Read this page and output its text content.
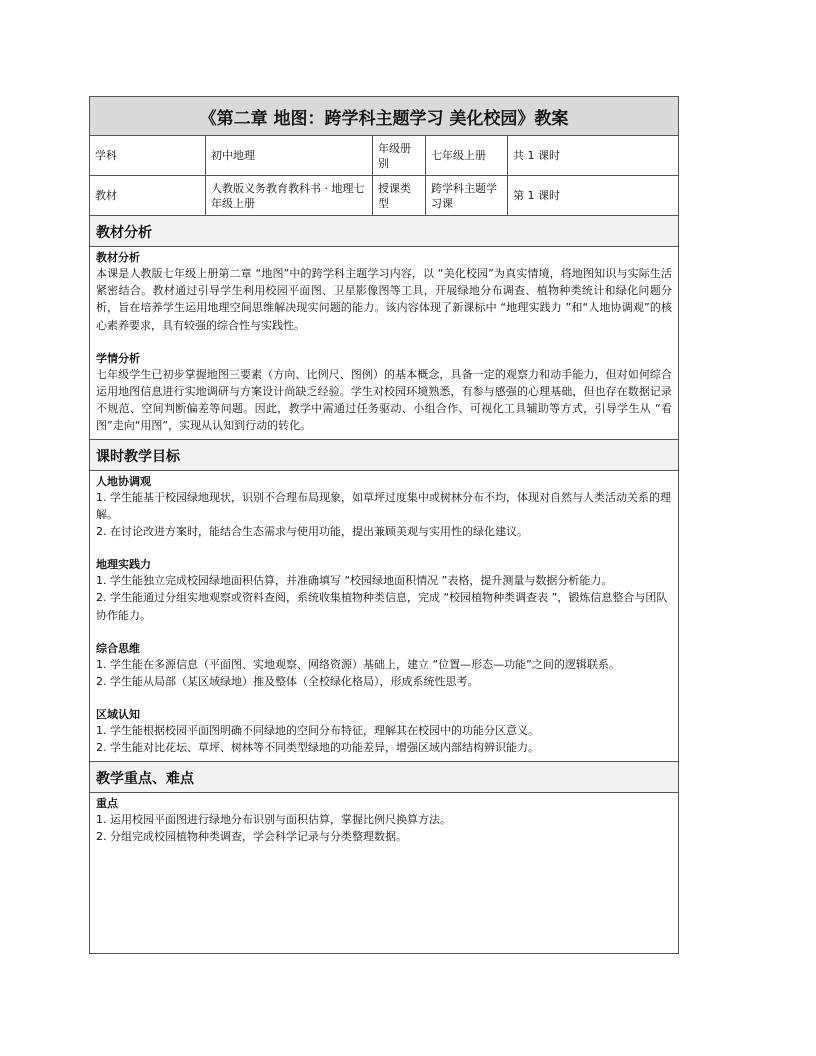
《第二章 地图：跨学科主题学习 美化校园》教案
学科	初中地理
年级册别
七年级上册	共 1 课时
教材
人教版义务教育教科书 · 地理七年级上册
授课类型
跨学科主题学习课
第 1 课时
教材分析
教材分析
本课是人教版七年级上册第二章 “地图”中的跨学科主题学习内容，以 “美化校园”为真实情境，将地图知识与实际生活紧密结合。教材通过引导学生利用校园平面图、卫星影像图等工具，开展绿地分布调查、植物种类统计和绿化问题分析，旨在培养学生运用地理空间思维解决现实问题的能力。该内容体现了新课标中 “地理实践力 ”和“人地协调观”的核心素养要求，具有较强的综合性与实践性。
学情分析
七年级学生已初步掌握地图三要素（方向、比例尺、图例）的基本概念，具备一定的观察力和动手能力，但对如何综合运用地图信息进行实地调研与方案设计尚缺乏经验。学生对校园环境熟悉，有参与感强的心理基础，但也存在数据记录不规范、空间判断偏差等问题。因此，教学中需通过任务驱动、小组合作、可视化工具辅助等方式，引导学生从 “看图”走向“用图”，实现从认知到行动的转化。
课时教学目标
人地协调观
1. 学生能基于校园绿地现状，识别不合理布局现象，如草坪过度集中或树林分布不均，体现对自然与人类活动关系的理解。
2. 在讨论改进方案时，能结合生态需求与使用功能，提出兼顾美观与实用性的绿化建议。
地理实践力
1. 学生能独立完成校园绿地面积估算，并准确填写 “校园绿地面积情况 ”表格，提升测量与数据分析能力。
2. 学生能通过分组实地观察或资料查阅，系统收集植物种类信息，完成 “校园植物种类调查表 ”，锻炼信息整合与团队协作能力。
综合思维
1. 学生能在多源信息（平面图、实地观察、网络资源）基础上，建立 “位置—形态—功能”之间的逻辑联系。
2. 学生能从局部（某区域绿地）推及整体（全校绿化格局），形成系统性思考。
区域认知
1. 学生能根据校园平面图明确不同绿地的空间分布特征，理解其在校园中的功能分区意义。
2. 学生能对比花坛、草坪、树林等不同类型绿地的功能差异，增强区域内部结构辨识能力。
教学重点、难点
重点
1. 运用校园平面图进行绿地分布识别与面积估算，掌握比例尺换算方法。
2. 分组完成校园植物种类调查，学会科学记录与分类整理数据。
